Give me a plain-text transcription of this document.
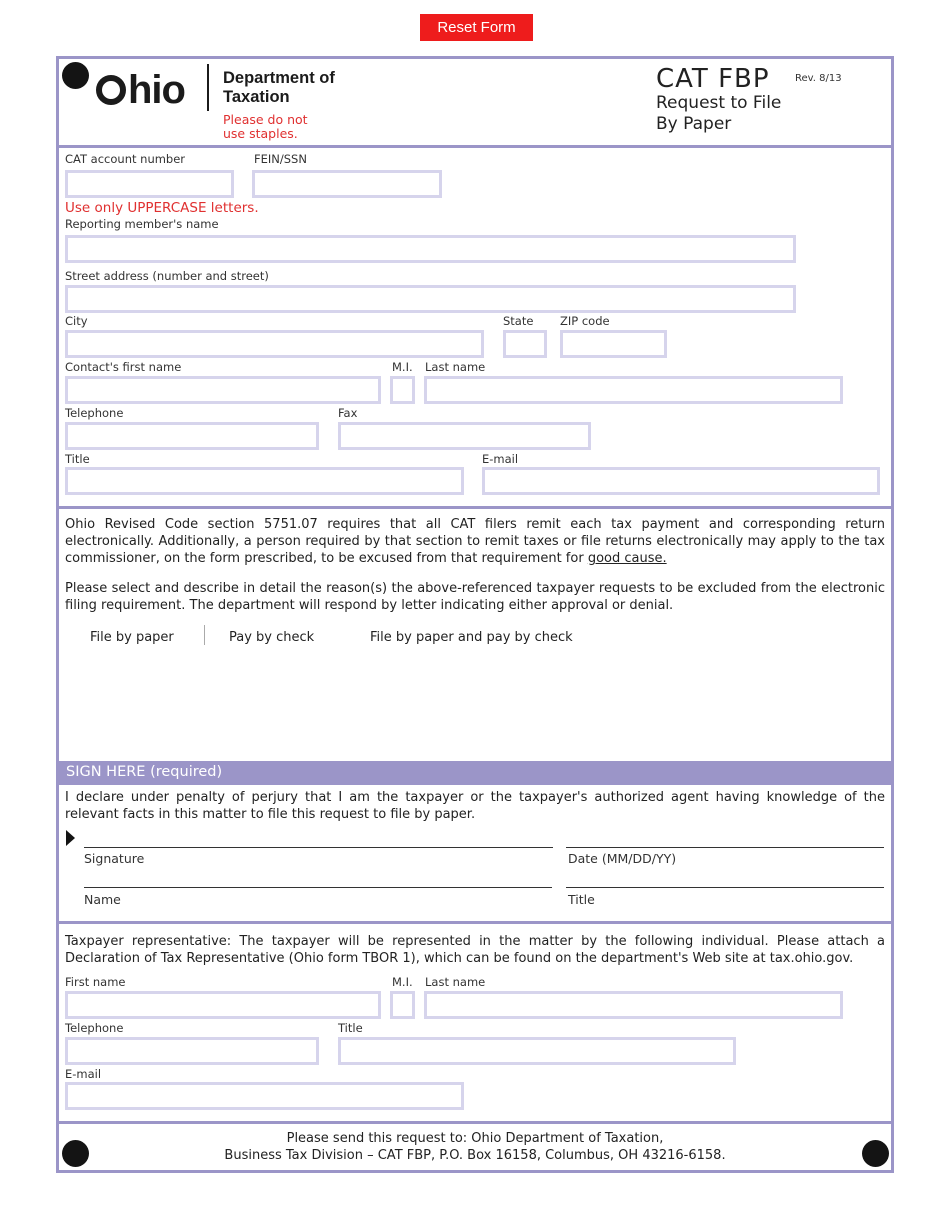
Reset Form
hio Department of
Taxation
Please do not
use staples.
CAT FBP	Rev. 8/13
Request to File
By Paper
CAT account number	FEIN/SSN
Use only UPPERCASE letters.
Reporting member's name
Street address (number and street)
City	State ZIP code
Contact's first name	M.I. Last name
Telephone	Fax
Title	E-mail
Ohio Revised Code section 5751.07 requires that all CAT filers remit each tax payment and corresponding return electronically. Additionally, a person required by that section to remit taxes or file returns electronically may apply to the tax commissioner, on the form prescribed, to be excused from that requirement for good cause.
Please select and describe in detail the reason(s) the above-referenced taxpayer requests to be excluded from the electronic filing requirement. The department will respond by letter indicating either approval or denial.
File by paper	Pay by check	File by paper and pay by check
SIGN HERE (required)
I declare under penalty of perjury that I am the taxpayer or the taxpayer's authorized agent having knowledge of the relevant facts in this matter to file this request to file by paper.
Signature	Date (MM/DD/YY)
Name	Title
Taxpayer representative: The taxpayer will be represented in the matter by the following individual. Please attach a Declaration of Tax Representative (Ohio form TBOR 1), which can be found on the department's Web site at tax.ohio.gov.
First name	M.I. Last name
Telephone	Title
E-mail
Please send this request to: Ohio Department of Taxation,
Business Tax Division – CAT FBP, P.O. Box 16158, Columbus, OH 43216-6158.
